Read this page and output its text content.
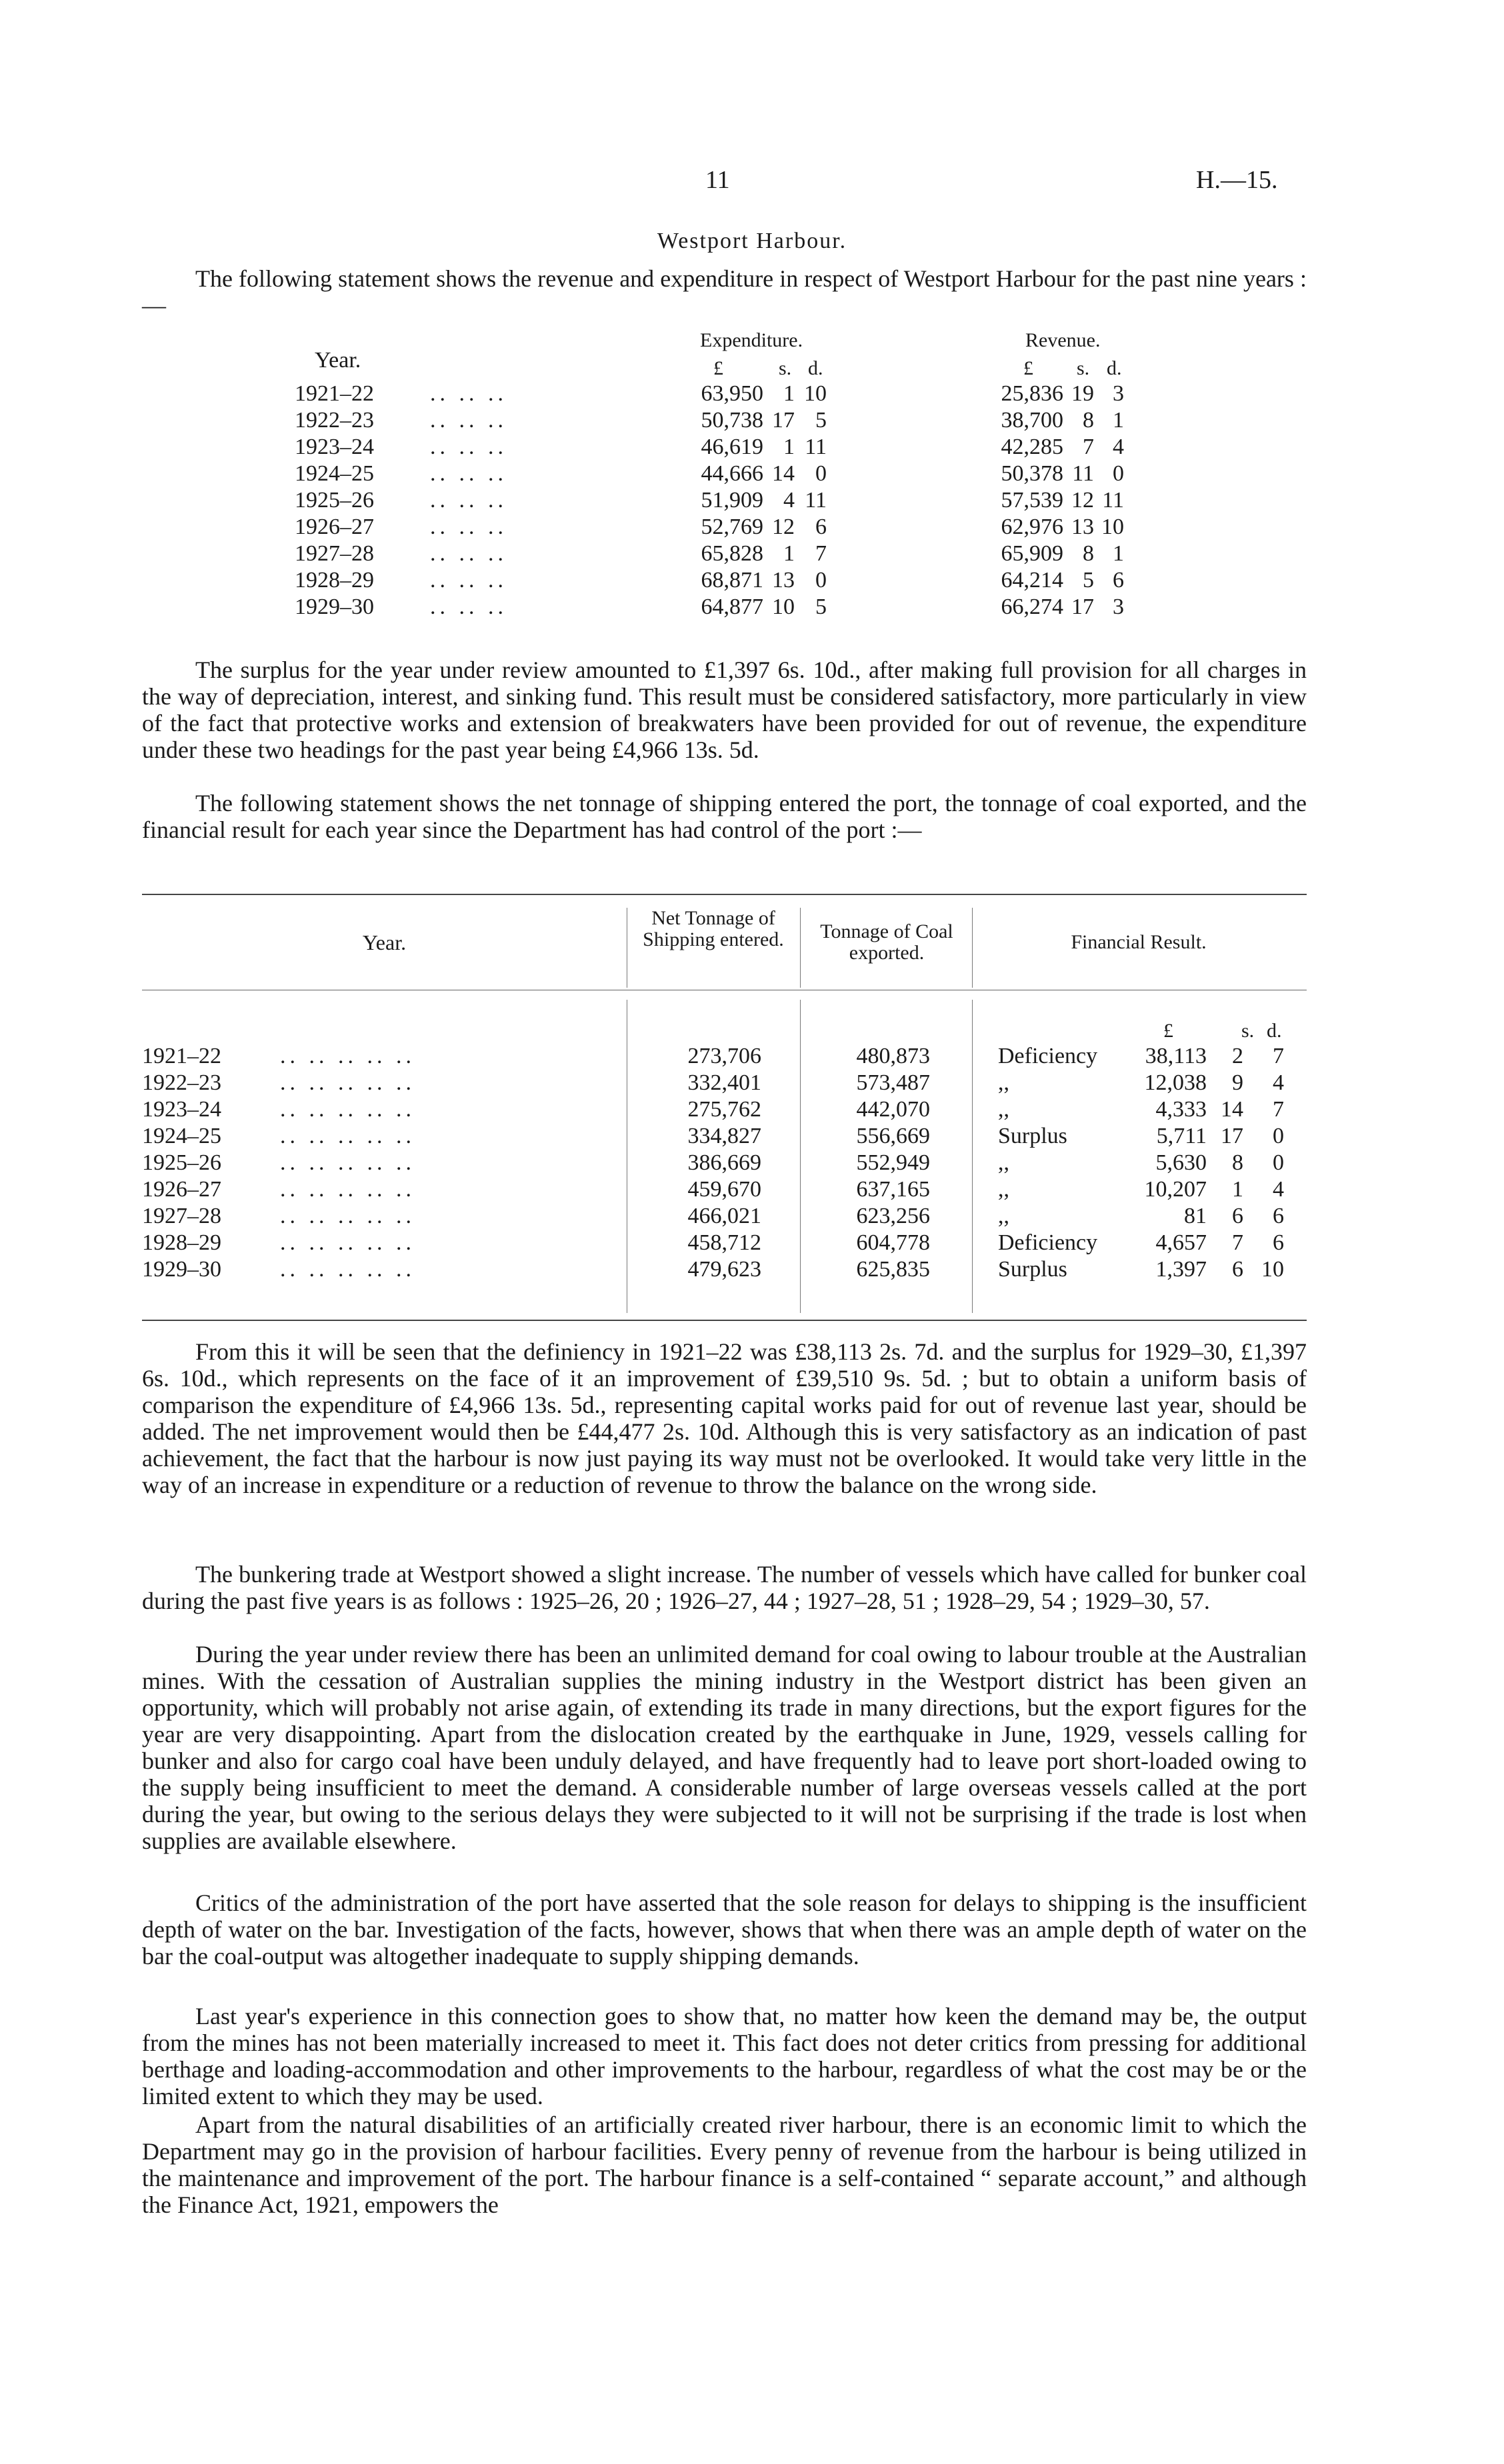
11	H.—15.
Westport Harbour.
The following statement shows the revenue and expenditure in respect of Westport Harbour for the past nine years :—
Year.
Expenditure.	Revenue.
£	s. d.	£ s. d.
1921–22 .. .. ..	63,950 1 10	25,836 19 3
1922–23 .. .. ..	50,738 17 5	38,700 8 1
1923–24 .. .. ..	46,619 1 11	42,285 7 4
1924–25 .. .. ..	44,666 14 0	50,378 11 0
1925–26 .. .. ..	51,909 4 11	57,539 12 11
1926–27 .. .. ..	52,769 12 6	62,976 13 10
1927–28 .. .. ..	65,828 1 7	65,909 8 1
1928–29 .. .. ..	68,871 13 0	64,214 5 6
1929–30 .. .. ..	64,877 10 5	66,274 17 3
The surplus for the year under review amounted to £1,397 6s. 10d., after making full provision for all charges in the way of depreciation, interest, and sinking fund. This result must be considered satisfactory, more particularly in view of the fact that protective works and extension of breakwaters have been provided for out of revenue, the expenditure under these two headings for the past year being £4,966 13s. 5d.
The following statement shows the net tonnage of shipping entered the port, the tonnage of coal exported, and the financial result for each year since the Department has had control of the port :—
Year.
Net Tonnage of Shipping entered.	Tonnage of Coal exported.	Financial Result.
£	s. d.
1921–22	.. .. .. .. ..	273,706	480,873	Deficiency	38,113	2	7
1922–23	.. .. .. .. ..	332,401	573,487	,,	12,038	9	4
1923–24	.. .. .. .. ..	275,762	442,070	,,	4,333 14	7
1924–25	.. .. .. .. ..	334,827	556,669	Surplus	5,711 17	0
1925–26	.. .. .. .. ..	386,669	552,949	,,	5,630	8	0
1926–27	.. .. .. .. ..	459,670	637,165	,,	10,207	1	4
1927–28	.. .. .. .. ..	466,021	623,256	,,	81	6	6
1928–29	.. .. .. .. ..	458,712	604,778	Deficiency	4,657	7	6
1929–30	.. .. .. .. ..	479,623	625,835	Surplus	1,397	6 10
From this it will be seen that the definiency in 1921–22 was £38,113 2s. 7d. and the surplus for 1929–30, £1,397 6s. 10d., which represents on the face of it an improvement of £39,510 9s. 5d. ; but to obtain a uniform basis of comparison the expenditure of £4,966 13s. 5d., representing capital works paid for out of revenue last year, should be added. The net improvement would then be £44,477 2s. 10d. Although this is very satisfactory as an indication of past achievement, the fact that the harbour is now just paying its way must not be overlooked. It would take very little in the way of an increase in expenditure or a reduction of revenue to throw the balance on the wrong side.
The bunkering trade at Westport showed a slight increase. The number of vessels which have called for bunker coal during the past five years is as follows : 1925–26, 20 ; 1926–27, 44 ; 1927–28, 51 ; 1928–29, 54 ; 1929–30, 57.
During the year under review there has been an unlimited demand for coal owing to labour trouble at the Australian mines. With the cessation of Australian supplies the mining industry in the Westport district has been given an opportunity, which will probably not arise again, of extending its trade in many directions, but the export figures for the year are very disappointing. Apart from the dislocation created by the earthquake in June, 1929, vessels calling for bunker and also for cargo coal have been unduly delayed, and have frequently had to leave port short-loaded owing to the supply being insufficient to meet the demand. A considerable number of large overseas vessels called at the port during the year, but owing to the serious delays they were subjected to it will not be surprising if the trade is lost when supplies are available elsewhere.
Critics of the administration of the port have asserted that the sole reason for delays to shipping is the insufficient depth of water on the bar. Investigation of the facts, however, shows that when there was an ample depth of water on the bar the coal-output was altogether inadequate to supply shipping demands.
Last year's experience in this connection goes to show that, no matter how keen the demand may be, the output from the mines has not been materially increased to meet it. This fact does not deter critics from pressing for additional berthage and loading-accommodation and other improvements to the harbour, regardless of what the cost may be or the limited extent to which they may be used.
Apart from the natural disabilities of an artificially created river harbour, there is an economic limit to which the Department may go in the provision of harbour facilities. Every penny of revenue from the harbour is being utilized in the maintenance and improvement of the port. The harbour finance is a self-contained “ separate account,” and although the Finance Act, 1921, empowers the
